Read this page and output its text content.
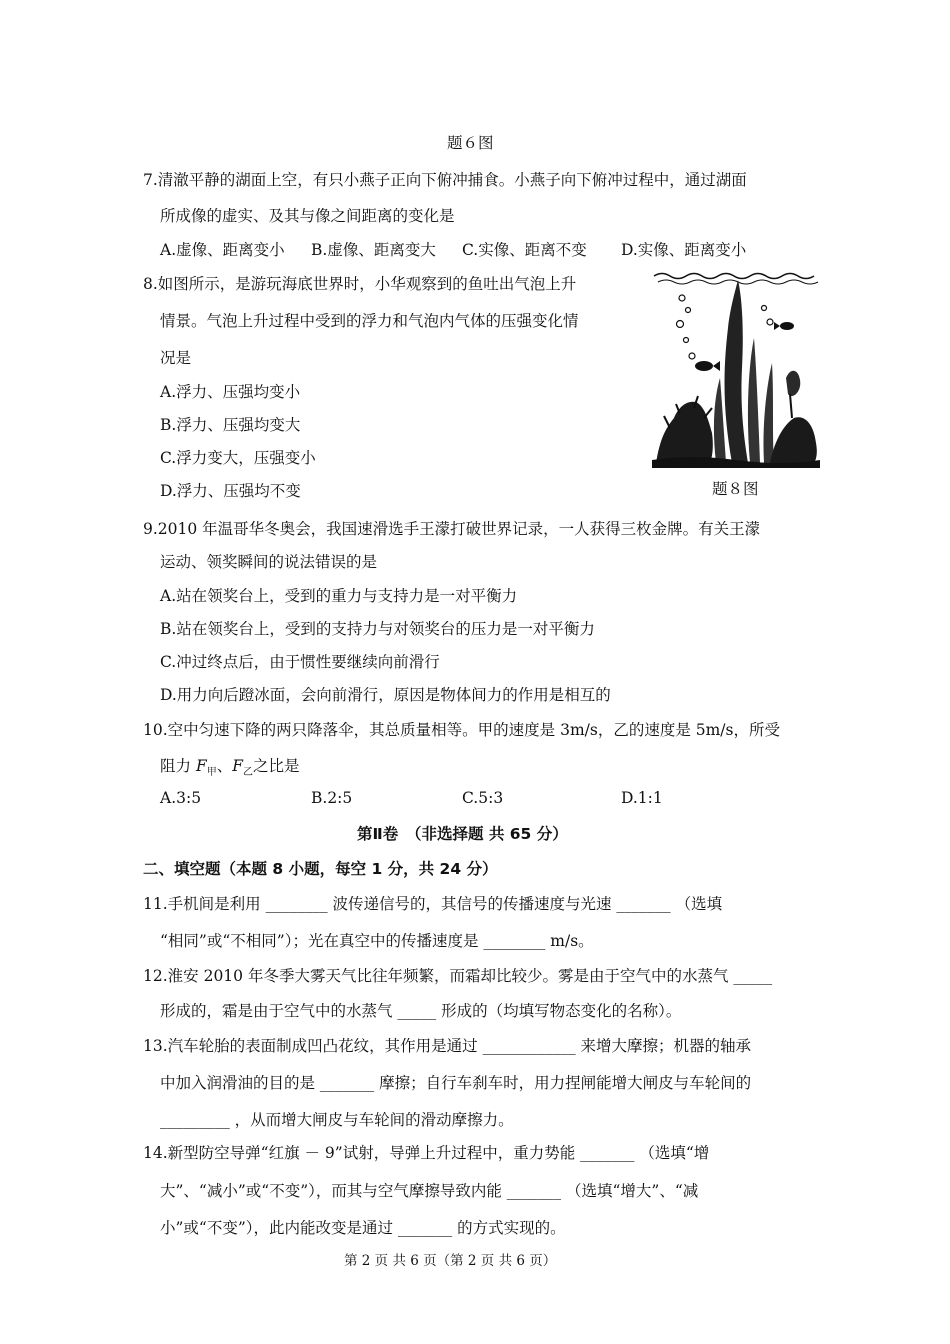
题６图
7.清澈平静的湖面上空，有只小燕子正向下俯冲捕食。小燕子向下俯冲过程中，通过湖面
所成像的虚实、及其与像之间距离的变化是
A.虚像、距离变小 B.虚像、距离变大 C.实像、距离不变 D.实像、距离变小
8.如图所示，是游玩海底世界时，小华观察到的鱼吐出气泡上升
情景。气泡上升过程中受到的浮力和气泡内气体的压强变化情
况是
A.浮力、压强均变小
B.浮力、压强均变大
C.浮力变大，压强变小
D.浮力、压强均不变	题８图
9.2010 年温哥华冬奥会，我国速滑选手王濛打破世界记录，一人获得三枚金牌。有关王濛
运动、领奖瞬间的说法错误的是
A.站在领奖台上，受到的重力与支持力是一对平衡力
B.站在领奖台上，受到的支持力与对领奖台的压力是一对平衡力
C.冲过终点后，由于惯性要继续向前滑行
D.用力向后蹬冰面，会向前滑行，原因是物体间力的作用是相互的
10.空中匀速下降的两只降落伞，其总质量相等。甲的速度是 3m/s，乙的速度是 5m/s，所受
阻力 $F_甲$、$F_乙$之比是
A.3:5	B.2:5	C.5:3	D.1:1
第Ⅱ卷　（非选择题 共 65 分）
二、填空题（本题 8 小题，每空 1 分，共 24 分）
11.手机间是利用 ________ 波传递信号的，其信号的传播速度与光速 _______ （选填
“相同”或“不相同”）；光在真空中的传播速度是 ________ m/s。
12.淮安 2010 年冬季大雾天气比往年频繁，而霜却比较少。雾是由于空气中的水蒸气 _____
形成的，霜是由于空气中的水蒸气 _____ 形成的（均填写物态变化的名称）。
13.汽车轮胎的表面制成凹凸花纹，其作用是通过 ____________ 来增大摩擦；机器的轴承
中加入润滑油的目的是 _______ 摩擦；自行车刹车时，用力捏闸能增大闸皮与车轮间的
_________ ，从而增大闸皮与车轮间的滑动摩擦力。
14.新型防空导弹“红旗 － 9”试射，导弹上升过程中，重力势能 _______ （选填“增
大”、“减小”或“不变”），而其与空气摩擦导致内能 _______ （选填“增大”、“减
小”或“不变”），此内能改变是通过 _______ 的方式实现的。
第 2 页 共 6 页（第 2 页 共 6 页）
